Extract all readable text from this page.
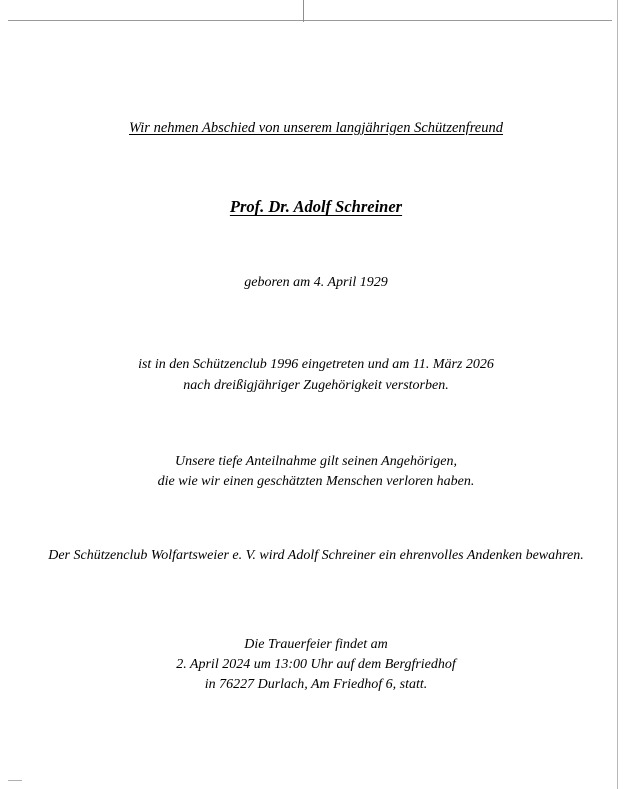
Wir nehmen Abschied von unserem langjährigen Schützenfreund
Prof. Dr. Adolf Schreiner
geboren am 4. April 1929
ist in den Schützenclub 1996 eingetreten und am 11. März 2026
nach dreißigjähriger Zugehörigkeit verstorben.
Unsere tiefe Anteilnahme gilt seinen Angehörigen,
die wie wir einen geschätzten Menschen verloren haben.
Der Schützenclub Wolfartsweier e. V. wird Adolf Schreiner ein ehrenvolles Andenken bewahren.
Die Trauerfeier findet am
2. April 2024 um 13:00 Uhr auf dem Bergfriedhof
in 76227 Durlach, Am Friedhof 6, statt.
